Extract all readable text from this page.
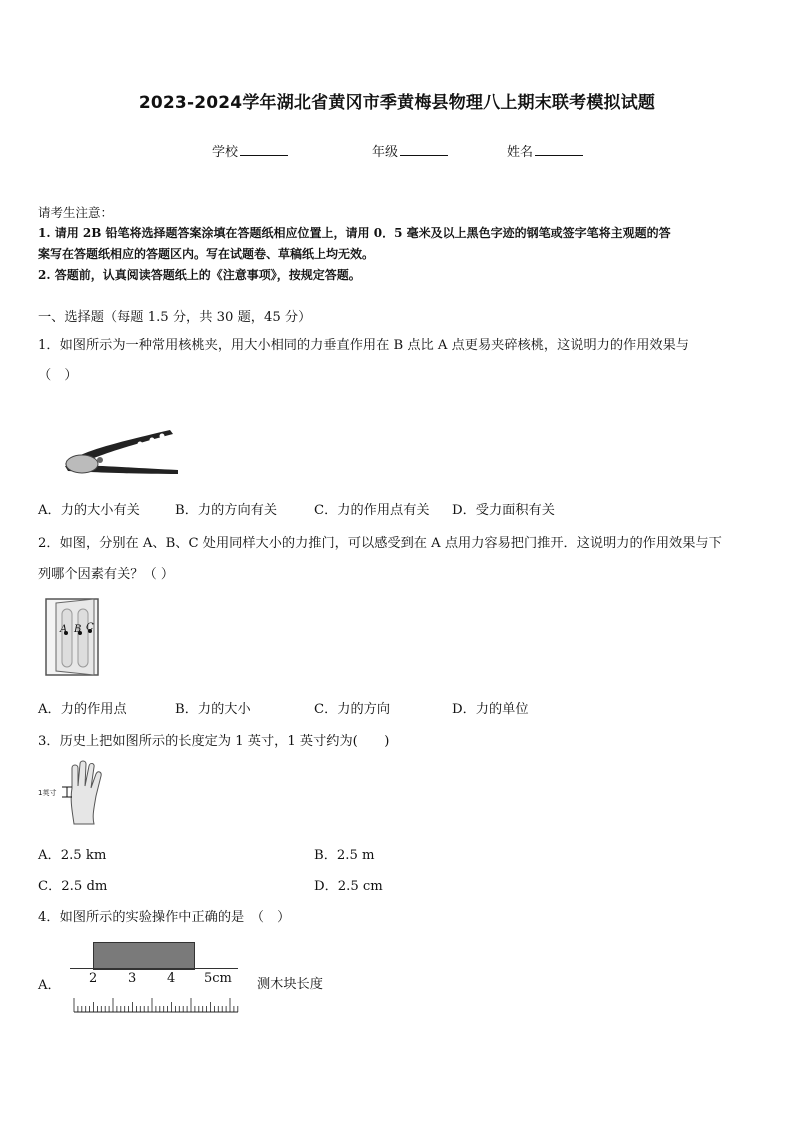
2023-2024学年湖北省黄冈市季黄梅县物理八上期末联考模拟试题
学校	年级	姓名
请考生注意：
1. 请用 2B 铅笔将选择题答案涂填在答题纸相应位置上，请用 0．5 毫米及以上黑色字迹的钢笔或签字笔将主观题的答
案写在答题纸相应的答题区内。写在试题卷、草稿纸上均无效。
2. 答题前，认真阅读答题纸上的《注意事项》，按规定答题。
一、选择题（每题 1.5 分，共 30 题，45 分）
1．如图所示为一种常用核桃夹，用大小相同的力垂直作用在 B 点比 A 点更易夹碎核桃，这说明力的作用效果与
（　）
A．力的大小有关	B．力的方向有关	C．力的作用点有关 D．受力面积有关
2．如图，分别在 A、B、C 处用同样大小的力推门，可以感受到在 A 点用力容易把门推开．这说明力的作用效果与下
列哪个因素有关？（ ）
A B C
A．力的作用点	B．力的大小	C．力的方向	D．力的单位
3．历史上把如图所示的长度定为 1 英寸，1 英寸约为(　　)
1英寸
A．2.5 km	B．2.5 m
C．2.5 dm	D．2.5 cm
4．如图所示的实验操作中正确的是　（　）
A． 2 3 4 5cm 测木块长度
